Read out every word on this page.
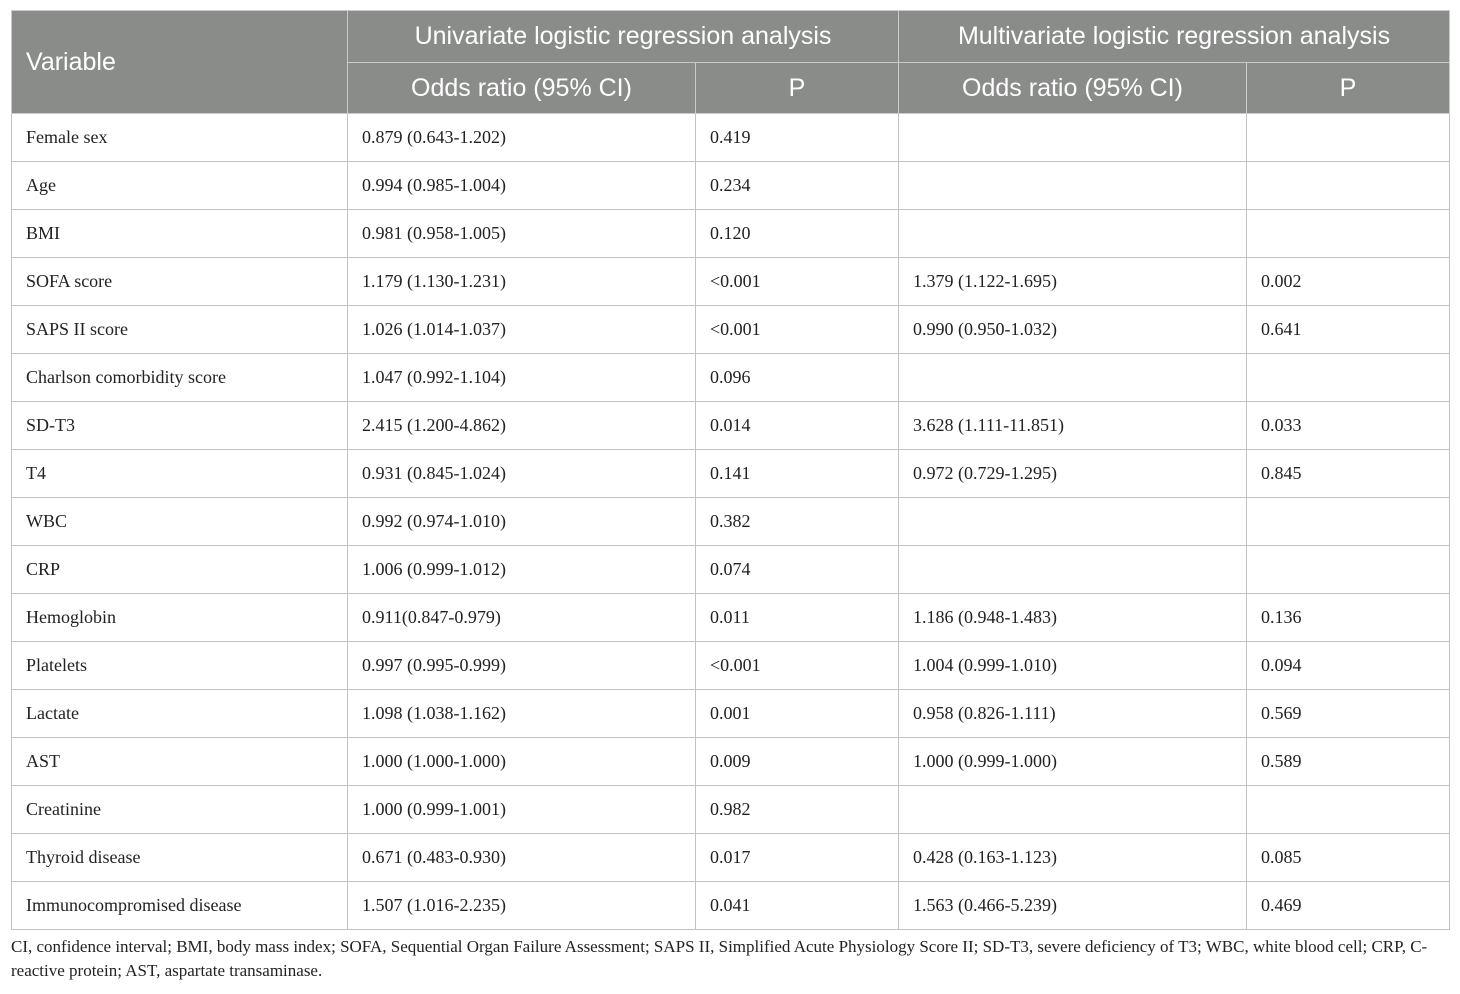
Variable	Univariate logistic regression analysis		Multivariate logistic regression analysis	
	Odds ratio (95% CI)	P	Odds ratio (95% CI)	P
Female sex	0.879 (0.643-1.202)	0.419		
Age	0.994 (0.985-1.004)	0.234		
BMI	0.981 (0.958-1.005)	0.120		
SOFA score	1.179 (1.130-1.231)	<0.001	1.379 (1.122-1.695)	0.002
SAPS II score	1.026 (1.014-1.037)	<0.001	0.990 (0.950-1.032)	0.641
Charlson comorbidity score	1.047 (0.992-1.104)	0.096		
SD-T3	2.415 (1.200-4.862)	0.014	3.628 (1.111-11.851)	0.033
T4	0.931 (0.845-1.024)	0.141	0.972 (0.729-1.295)	0.845
WBC	0.992 (0.974-1.010)	0.382		
CRP	1.006 (0.999-1.012)	0.074		
Hemoglobin	0.911(0.847-0.979)	0.011	1.186 (0.948-1.483)	0.136
Platelets	0.997 (0.995-0.999)	<0.001	1.004 (0.999-1.010)	0.094
Lactate	1.098 (1.038-1.162)	0.001	0.958 (0.826-1.111)	0.569
AST	1.000 (1.000-1.000)	0.009	1.000 (0.999-1.000)	0.589
Creatinine	1.000 (0.999-1.001)	0.982		
Thyroid disease	0.671 (0.483-0.930)	0.017	0.428 (0.163-1.123)	0.085
Immunocompromised disease	1.507 (1.016-2.235)	0.041	1.563 (0.466-5.239)	0.469
CI, confidence interval; BMI, body mass index; SOFA, Sequential Organ Failure Assessment; SAPS II, Simplified Acute Physiology Score II; SD-T3, severe deficiency of T3; WBC, white blood cell; CRP, C-reactive protein; AST, aspartate transaminase.
